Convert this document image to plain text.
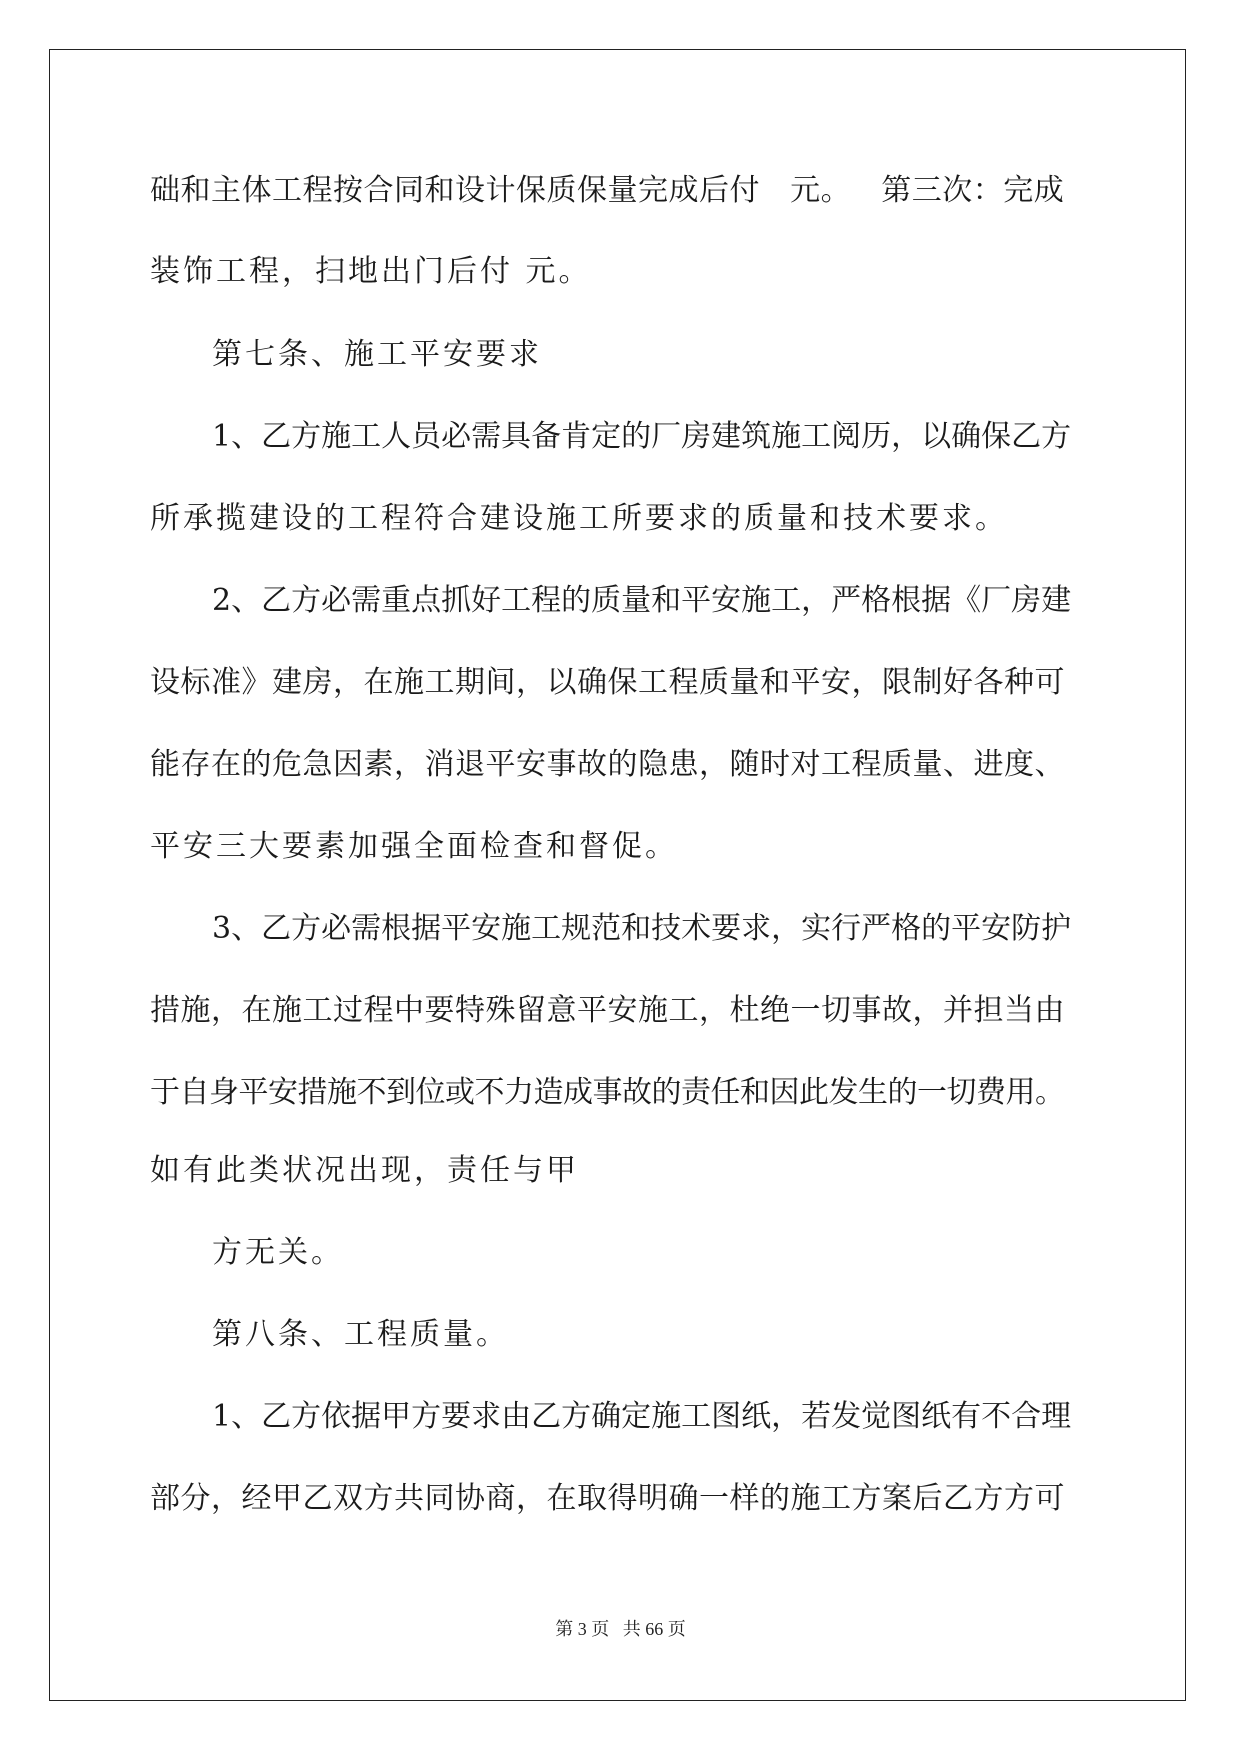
础和主体工程按合同和设计保质保量完成后付   元。   第三次：完成
装饰工程，扫地出门后付 元。
第七条、施工平安要求
1、乙方施工人员必需具备肯定的厂房建筑施工阅历，以确保乙方
所承揽建设的工程符合建设施工所要求的质量和技术要求。
2、乙方必需重点抓好工程的质量和平安施工，严格根据《厂房建
设标准》建房，在施工期间，以确保工程质量和平安，限制好各种可
能存在的危急因素，消退平安事故的隐患，随时对工程质量、进度、
平安三大要素加强全面检查和督促。
3、乙方必需根据平安施工规范和技术要求，实行严格的平安防护
措施，在施工过程中要特殊留意平安施工，杜绝一切事故，并担当由
于自身平安措施不到位或不力造成事故的责任和因此发生的一切费用。
如有此类状况出现，责任与甲
方无关。
第八条、工程质量。
1、乙方依据甲方要求由乙方确定施工图纸，若发觉图纸有不合理
部分，经甲乙双方共同协商，在取得明确一样的施工方案后乙方方可
第 3 页   共 66 页
